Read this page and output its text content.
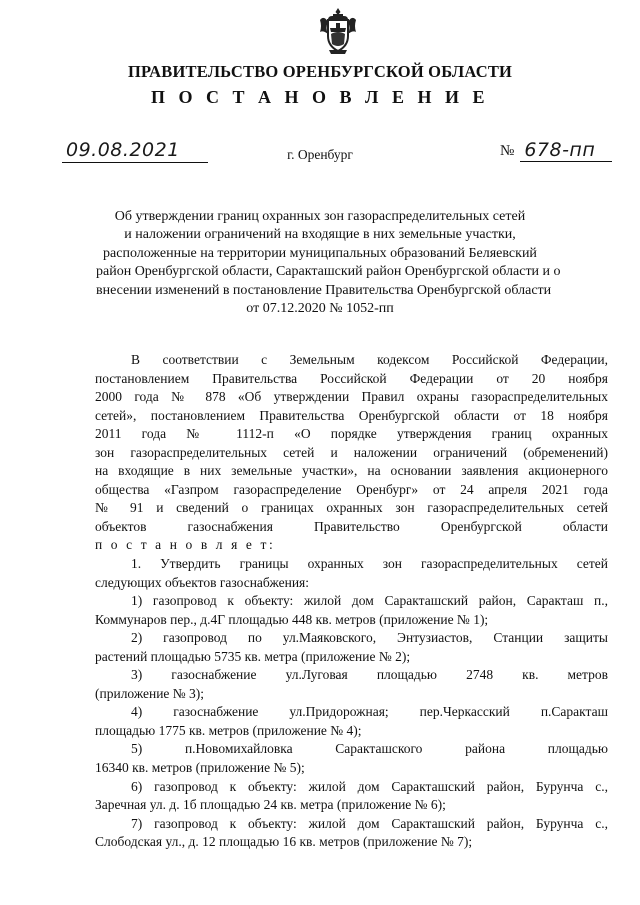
ПРАВИТЕЛЬСТВО ОРЕНБУРГСКОЙ ОБЛАСТИ
П О С Т А Н О В Л Е Н И Е
09.08.2021	г. Оренбург	№ 678-пп
Об утверждении границ охранных зон газораспределительных сетей
и наложении ограничений на входящие в них земельные участки,
расположенные на территории муниципальных образований Беляевский
район Оренбургской области, Саракташский район Оренбургской области и о
внесении изменений в постановление Правительства Оренбургской области
от 07.12.2020 № 1052-пп
В соответствии с Земельным кодексом Российской Федерации,
постановлением Правительства Российской Федерации от 20 ноября
2000 года № 878 «Об утверждении Правил охраны газораспределительных
сетей», постановлением Правительства Оренбургской области от 18 ноября
2011 года № 1112-п «О порядке утверждения границ охранных
зон газораспределительных сетей и наложении ограничений (обременений)
на входящие в них земельные участки», на основании заявления акционерного
общества «Газпром газораспределение Оренбург» от 24 апреля 2021 года
№ 91 и сведений о границах охранных зон газораспределительных сетей
объектов газоснабжения Правительство Оренбургской области
п о с т а н о в л я е т:
1. Утвердить границы охранных зон газораспределительных сетей
следующих объектов газоснабжения:
1) газопровод к объекту: жилой дом Саракташский район, Саракташ п.,
Коммунаров пер., д.4Г площадью 448 кв. метров (приложение № 1);
2) газопровод по ул.Маяковского, Энтузиастов, Станции защиты
растений площадью 5735 кв. метра (приложение № 2);
3) газоснабжение ул.Луговая площадью 2748 кв. метров
(приложение № 3);
4) газоснабжение ул.Придорожная; пер.Черкасский п.Саракташ
площадью 1775 кв. метров (приложение № 4);
5) п.Новомихайловка Саракташского района площадью
16340 кв. метров (приложение № 5);
6) газопровод к объекту: жилой дом Саракташский район, Бурунча с.,
Заречная ул. д. 1б площадью 24 кв. метра (приложение № 6);
7) газопровод к объекту: жилой дом Саракташский район, Бурунча с.,
Слободская ул., д. 12 площадью 16 кв. метров (приложение № 7);
